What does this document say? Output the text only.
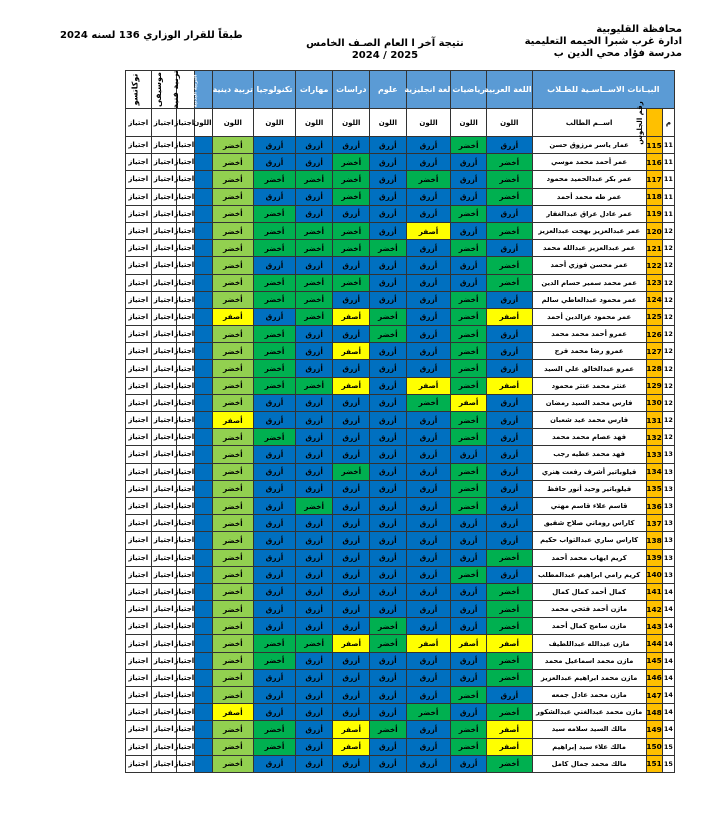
محافظة القليوبية
ادارة غرب شبرا الخيمه التعليمية
مدرسة فؤاد محي الدين ب
نتيجة آخر ا العام الصـف الخامس
2025 / 2024
طبقاً للقرار الوزاري 136 لسنه 2024
البيـانات الاســاسـية للطـلاب			اللغة العربية	رياضيات	لغة انجليزية	علوم	دراسات	مهارات	تكنولوجيا	تربية دينية	التربية البدنية	تربية فنية	موسيقى	توكاتسو
م	رقم الجلوس	اســم الطالب	اللون	اللون	اللون	اللون	اللون	اللون	اللون	اللون	اللون	اجتياز	اجتياز	اجتياز
11	115	عمار ياسر مرزوق حسن	أزرق	أخضر	أزرق	أزرق	أزرق	أزرق	أزرق	أخضر		اجتياز	اجتياز	اجتياز
11	116	عمر أحمد محمد موسي	أخضر	أزرق	أزرق	أزرق	أخضر	أزرق	أزرق	أخضر		اجتياز	اجتياز	اجتياز
11	117	عمر بكر عبدالحميد محمود	أخضر	أزرق	أخضر	أزرق	أخضر	أخضر	أخضر	أخضر		اجتياز	اجتياز	اجتياز
11	118	عمر طه محمد أحمد	أخضر	أزرق	أزرق	أزرق	أخضر	أزرق	أزرق	أخضر		اجتياز	اجتياز	اجتياز
11	119	عمر عادل عراق عبدالغفار	أزرق	أخضر	أزرق	أزرق	أزرق	أزرق	أخضر	أخضر		اجتياز	اجتياز	اجتياز
12	120	عمر عبدالعزيز بهجت عبدالعزيز	أخضر	أزرق	أصفر	أزرق	أخضر	أخضر	أخضر	أخضر		اجتياز	اجتياز	اجتياز
12	121	عمر عبدالعزيز عبدالله محمد	أزرق	أخضر	أزرق	أخضر	أخضر	أخضر	أخضر	أخضر		اجتياز	اجتياز	اجتياز
12	122	عمر محسن فوزي أحمد	أخضر	أزرق	أزرق	أزرق	أزرق	أزرق	أزرق	أخضر		اجتياز	اجتياز	اجتياز
12	123	عمر محمد سمير حسام الدين	أخضر	أزرق	أزرق	أزرق	أخضر	أخضر	أخضر	أخضر		اجتياز	اجتياز	اجتياز
12	124	عمر محمود عبدالعاطي سالم	أزرق	أخضر	أزرق	أزرق	أزرق	أخضر	أخضر	أخضر		اجتياز	اجتياز	اجتياز
12	125	عمر محمود عزالدين أحمد	أصفر	أخضر	أزرق	أخضر	أصفر	أخضر	أزرق	أصفر		اجتياز	اجتياز	اجتياز
12	126	عمرو أحمد محمد محمد	أزرق	أخضر	أزرق	أخضر	أزرق	أزرق	أخضر	أخضر		اجتياز	اجتياز	اجتياز
12	127	عمرو رضا محمد فرج	أزرق	أخضر	أزرق	أزرق	أصفر	أزرق	أخضر	أخضر		اجتياز	اجتياز	اجتياز
12	128	عمرو عبدالخالق علي السيد	أزرق	أخضر	أزرق	أزرق	أزرق	أزرق	أخضر	أخضر		اجتياز	اجتياز	اجتياز
12	129	عنتر محمد عنتر محمود	أصفر	أخضر	أصفر	أزرق	أصفر	أخضر	أخضر	أخضر		اجتياز	اجتياز	اجتياز
12	130	فارس محمد السيد رمضان	أزرق	أصفر	أخضر	أزرق	أزرق	أزرق	أزرق	أخضر		اجتياز	اجتياز	اجتياز
12	131	فارس محمد عيد شعبان	أزرق	أخضر	أزرق	أزرق	أزرق	أزرق	أزرق	أصفر		اجتياز	اجتياز	اجتياز
12	132	فهد عصام محمد محمد	أزرق	أخضر	أزرق	أزرق	أزرق	أزرق	أخضر	أخضر		اجتياز	اجتياز	اجتياز
13	133	فهد محمد عطيه رجب	أزرق	أزرق	أزرق	أزرق	أزرق	أزرق	أزرق	أخضر		اجتياز	اجتياز	اجتياز
13	134	فيلوباتير أشرف رفعت هنري	أزرق	أخضر	أزرق	أزرق	أخضر	أزرق	أزرق	أخضر		اجتياز	اجتياز	اجتياز
13	135	فيلوباتير وحيد أنور حافظ	أزرق	أخضر	أزرق	أزرق	أزرق	أزرق	أزرق	أخضر		اجتياز	اجتياز	اجتياز
13	136	قاسم علاء قاسم مهني	أزرق	أخضر	أزرق	أزرق	أزرق	أخضر	أزرق	أخضر		اجتياز	اجتياز	اجتياز
13	137	كاراس روماني صلاح شفيق	أزرق	أزرق	أزرق	أزرق	أزرق	أزرق	أزرق	أخضر		اجتياز	اجتياز	اجتياز
13	138	كاراس ساري عبدالتواب حكيم	أزرق	أزرق	أزرق	أزرق	أزرق	أزرق	أزرق	أخضر		اجتياز	اجتياز	اجتياز
13	139	كريم ايهاب محمد أحمد	أخضر	أزرق	أزرق	أزرق	أزرق	أزرق	أزرق	أخضر		اجتياز	اجتياز	اجتياز
13	140	كريم رامي ابراهيم عبدالمطلب	أزرق	أخضر	أزرق	أزرق	أزرق	أزرق	أزرق	أخضر		اجتياز	اجتياز	اجتياز
14	141	كمال أحمد كمال كمال	أخضر	أزرق	أزرق	أزرق	أزرق	أزرق	أزرق	أخضر		اجتياز	اجتياز	اجتياز
14	142	مازن أحمد فتحي محمد	أخضر	أزرق	أزرق	أزرق	أزرق	أزرق	أزرق	أخضر		اجتياز	اجتياز	اجتياز
14	143	مازن سامح كمال أحمد	أخضر	أزرق	أزرق	أخضر	أزرق	أزرق	أزرق	أخضر		اجتياز	اجتياز	اجتياز
14	144	مازن عبدالله عبداللطيف	أصفر	أصفر	أصفر	أخضر	أصفر	أخضر	أخضر	أخضر		اجتياز	اجتياز	اجتياز
14	145	مازن محمد اسماعيل محمد	أخضر	أزرق	أزرق	أزرق	أزرق	أزرق	أخضر	أخضر		اجتياز	اجتياز	اجتياز
14	146	مازن محمد ابراهيم عبدالعزيز	أخضر	أزرق	أزرق	أزرق	أزرق	أزرق	أزرق	أخضر		اجتياز	اجتياز	اجتياز
14	147	مازن محمد عادل جمعه	أزرق	أخضر	أزرق	أزرق	أزرق	أزرق	أزرق	أخضر		اجتياز	اجتياز	اجتياز
14	148	مازن محمد عبدالغني عبدالشكور	أخضر	أزرق	أخضر	أزرق	أزرق	أزرق	أزرق	أصفر		اجتياز	اجتياز	اجتياز
14	149	مالك السيد سلامه سيد	أصفر	أخضر	أزرق	أخضر	أصفر	أزرق	أخضر	أخضر		اجتياز	اجتياز	اجتياز
15	150	مالك علاء سيد إبراهيم	أصفر	أخضر	أزرق	أزرق	أصفر	أزرق	أخضر	أخضر		اجتياز	اجتياز	اجتياز
15	151	مالك محمد جمال كامل	أخضر	أزرق	أزرق	أزرق	أزرق	أزرق	أزرق	أخضر		اجتياز	اجتياز	اجتياز
